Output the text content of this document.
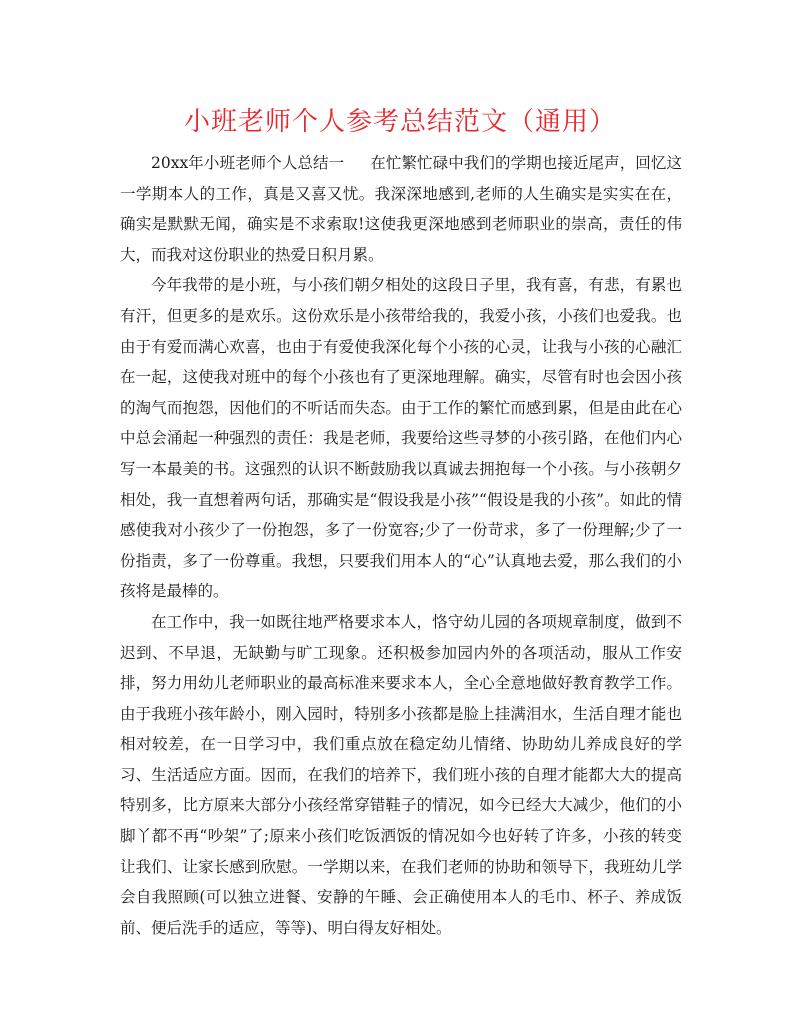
小班老师个人参考总结范文（通用）

20xx年小班老师个人总结一 在忙繁忙碌中我们的学期也接近尾声，回忆这一学期本人的工作，真是又喜又忧。我深深地感到,老师的人生确实是实实在在，确实是默默无闻，确实是不求索取!这使我更深地感到老师职业的崇高，责任的伟大，而我对这份职业的热爱日积月累。

今年我带的是小班，与小孩们朝夕相处的这段日子里，我有喜，有悲，有累也有汗，但更多的是欢乐。这份欢乐是小孩带给我的，我爱小孩，小孩们也爱我。也由于有爱而满心欢喜，也由于有爱使我深化每个小孩的心灵，让我与小孩的心融汇在一起，这使我对班中的每个小孩也有了更深地理解。确实，尽管有时也会因小孩的淘气而抱怨，因他们的不听话而失态。由于工作的繁忙而感到累，但是由此在心中总会涌起一种强烈的责任：我是老师，我要给这些寻梦的小孩引路，在他们内心写一本最美的书。这强烈的认识不断鼓励我以真诚去拥抱每一个小孩。与小孩朝夕相处，我一直想着两句话，那确实是“假设我是小孩”“假设是我的小孩”。如此的情感使我对小孩少了一份抱怨，多了一份宽容;少了一份苛求，多了一份理解;少了一份指责，多了一份尊重。我想，只要我们用本人的“心”认真地去爱，那么我们的小孩将是最棒的。

在工作中，我一如既往地严格要求本人，恪守幼儿园的各项规章制度，做到不迟到、不早退，无缺勤与旷工现象。还积极参加园内外的各项活动，服从工作安排，努力用幼儿老师职业的最高标准来要求本人，全心全意地做好教育教学工作。由于我班小孩年龄小，刚入园时，特别多小孩都是脸上挂满泪水，生活自理才能也相对较差，在一日学习中，我们重点放在稳定幼儿情绪、协助幼儿养成良好的学习、生活适应方面。因而，在我们的培养下，我们班小孩的自理才能都大大的提高特别多，比方原来大部分小孩经常穿错鞋子的情况，如今已经大大减少，他们的小脚丫都不再“吵架”了;原来小孩们吃饭洒饭的情况如今也好转了许多，小孩的转变让我们、让家长感到欣慰。一学期以来，在我们老师的协助和领导下，我班幼儿学会自我照顾(可以独立进餐、安静的午睡、会正确使用本人的毛巾、杯子、养成饭前、便后洗手的适应，等等)、明白得友好相处。
